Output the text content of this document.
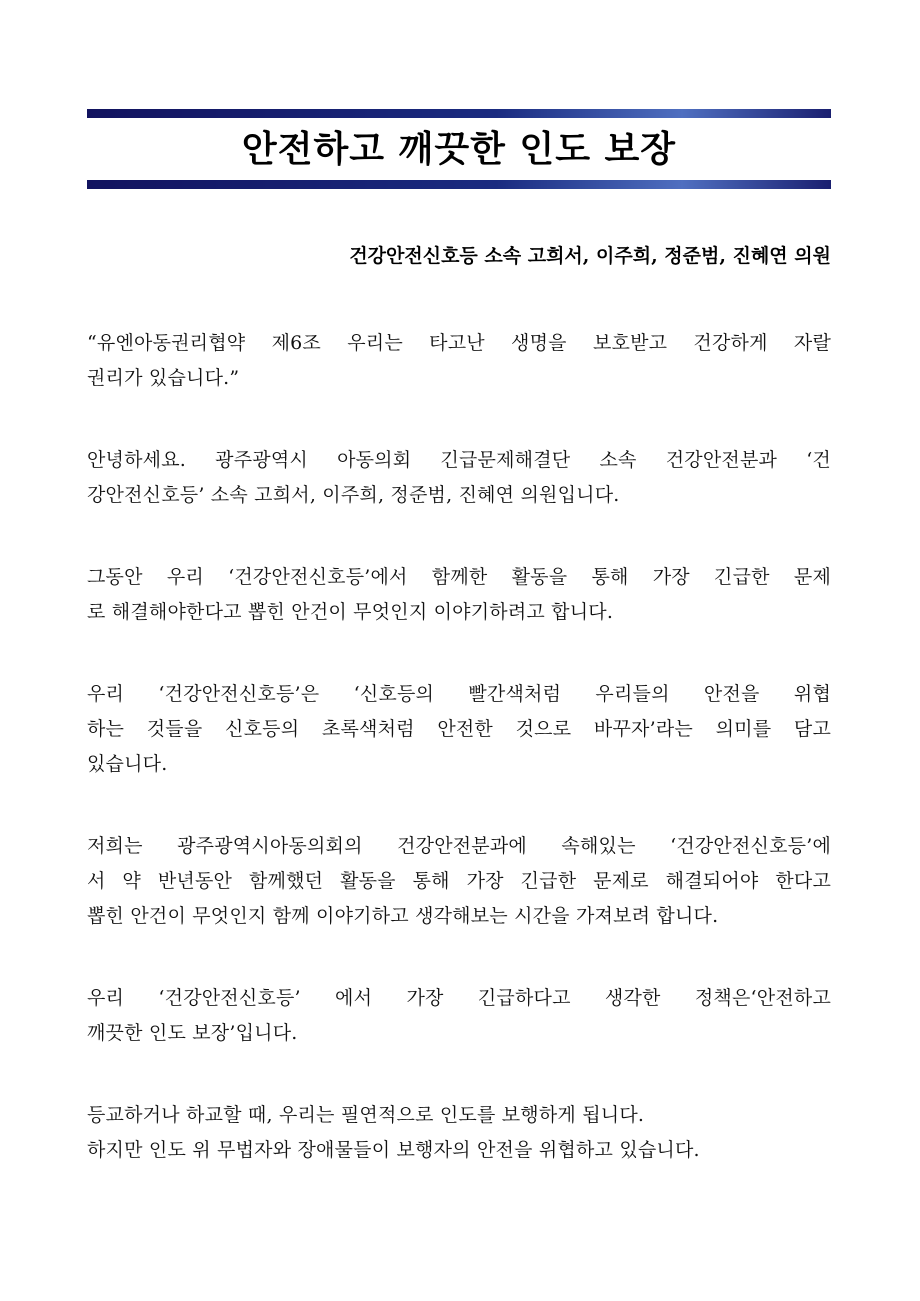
안전하고 깨끗한 인도 보장
건강안전신호등 소속 고희서, 이주희, 정준범, 진혜연 의원

“유엔아동권리협약 제6조 우리는 타고난 생명을 보호받고 건강하게 자랄
권리가 있습니다.”

안녕하세요. 광주광역시 아동의회 긴급문제해결단 소속 건강안전분과 ‘건
강안전신호등’ 소속 고희서, 이주희, 정준범, 진혜연 의원입니다.

그동안 우리 ‘건강안전신호등’에서 함께한 활동을 통해 가장 긴급한 문제
로 해결해야한다고 뽑힌 안건이 무엇인지 이야기하려고 합니다.

우리 ‘건강안전신호등’은 ‘신호등의 빨간색처럼 우리들의 안전을 위협
하는 것들을 신호등의 초록색처럼 안전한 것으로 바꾸자’라는 의미를 담고
있습니다.

저희는 광주광역시아동의회의 건강안전분과에 속해있는 ‘건강안전신호등’에
서 약 반년동안 함께했던 활동을 통해 가장 긴급한 문제로 해결되어야 한다고
뽑힌 안건이 무엇인지 함께 이야기하고 생각해보는 시간을 가져보려 합니다.

우리 ‘건강안전신호등’ 에서 가장 긴급하다고 생각한 정책은‘안전하고
깨끗한 인도 보장’입니다.

등교하거나 하교할 때, 우리는 필연적으로 인도를 보행하게 됩니다.
하지만 인도 위 무법자와 장애물들이 보행자의 안전을 위협하고 있습니다.
